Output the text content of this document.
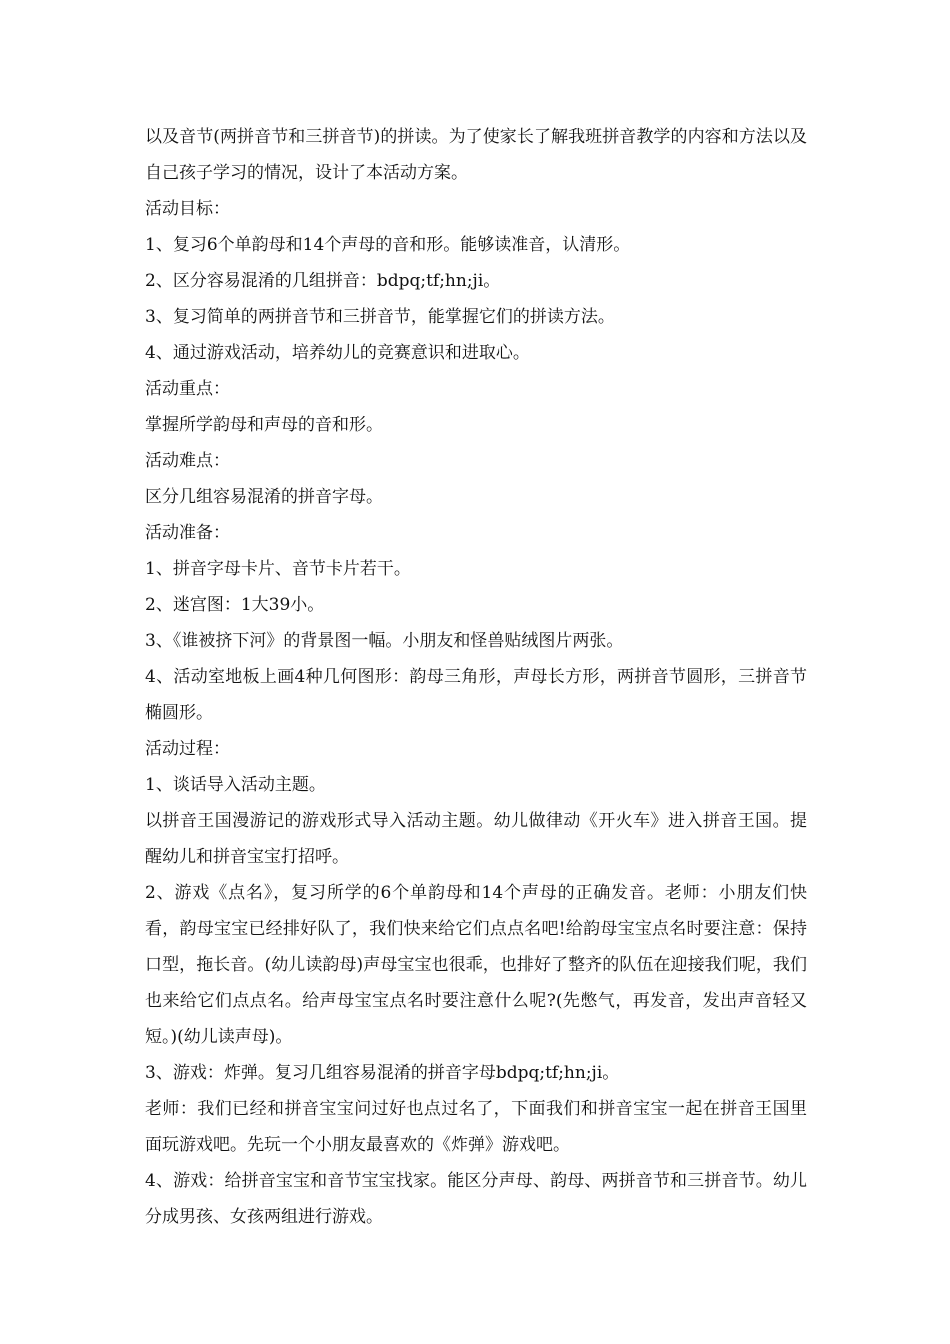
以及音节(两拼音节和三拼音节)的拼读。为了使家长了解我班拼音教学的内容和方法以及自己孩子学习的情况，设计了本活动方案。

活动目标：

1、复习6个单韵母和14个声母的音和形。能够读准音，认清形。

2、区分容易混淆的几组拼音：bdpq;tf;hn;ji。

3、复习简单的两拼音节和三拼音节，能掌握它们的拼读方法。

4、通过游戏活动，培养幼儿的竞赛意识和进取心。

活动重点：

掌握所学韵母和声母的音和形。

活动难点：

区分几组容易混淆的拼音字母。

活动准备：

1、拼音字母卡片、音节卡片若干。

2、迷宫图：1大39小。

3、《谁被挤下河》的背景图一幅。小朋友和怪兽贴绒图片两张。

4、活动室地板上画4种几何图形：韵母三角形，声母长方形，两拼音节圆形，三拼音节椭圆形。

活动过程：

1、谈话导入活动主题。

以拼音王国漫游记的游戏形式导入活动主题。幼儿做律动《开火车》进入拼音王国。提醒幼儿和拼音宝宝打招呼。

2、游戏《点名》，复习所学的6个单韵母和14个声母的正确发音。老师：小朋友们快看，韵母宝宝已经排好队了，我们快来给它们点点名吧!给韵母宝宝点名时要注意：保持口型，拖长音。(幼儿读韵母)声母宝宝也很乖，也排好了整齐的队伍在迎接我们呢，我们也来给它们点点名。给声母宝宝点名时要注意什么呢?(先憋气，再发音，发出声音轻又短。)(幼儿读声母)。

3、游戏：炸弹。复习几组容易混淆的拼音字母bdpq;tf;hn;ji。

老师：我们已经和拼音宝宝问过好也点过名了，下面我们和拼音宝宝一起在拼音王国里面玩游戏吧。先玩一个小朋友最喜欢的《炸弹》游戏吧。

4、游戏：给拼音宝宝和音节宝宝找家。能区分声母、韵母、两拼音节和三拼音节。幼儿分成男孩、女孩两组进行游戏。
